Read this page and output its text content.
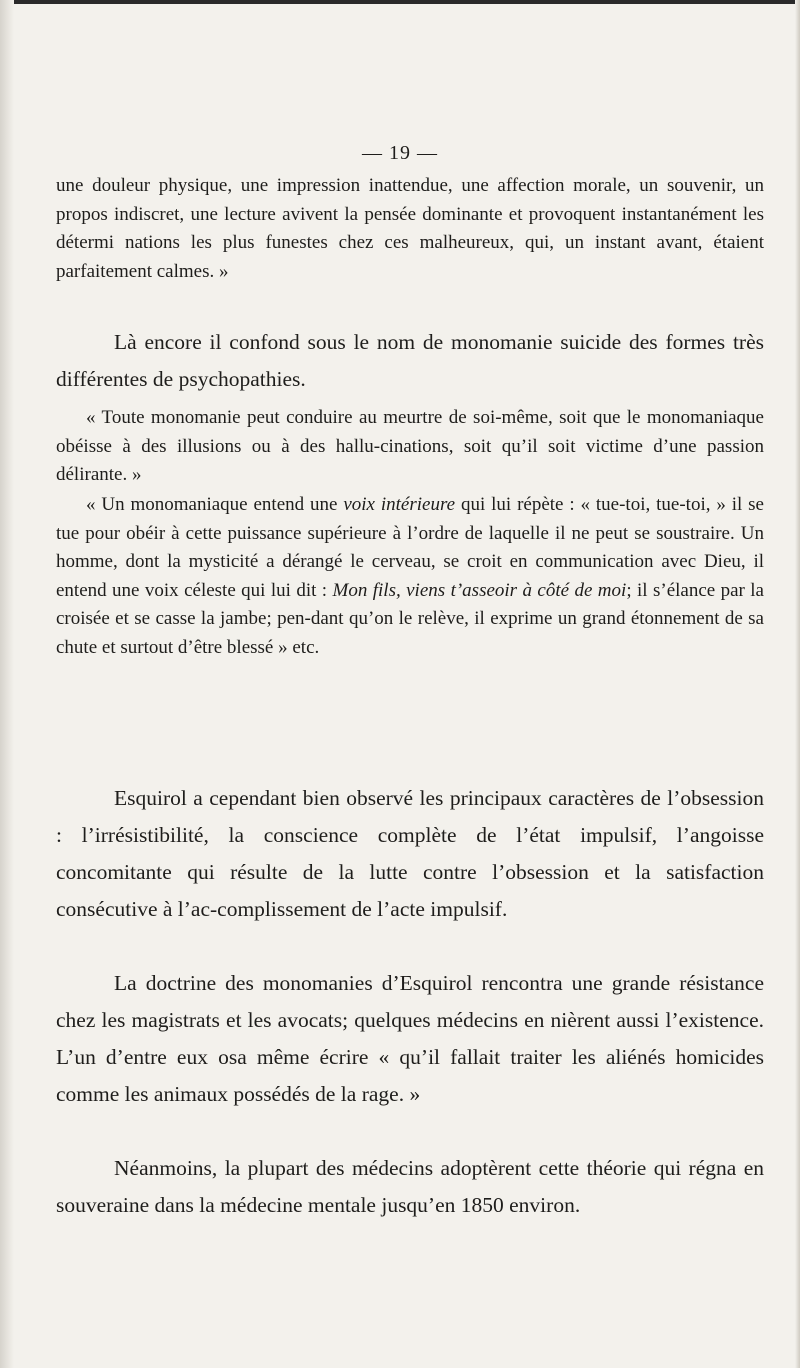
— 19 —

une douleur physique, une impression inattendue, une affection morale, un souvenir, un propos indiscret, une lecture avivent la pensée dominante et provoquent instantanément les détermi nations les plus funestes chez ces malheureux, qui, un instant avant, étaient parfaitement calmes. »

Là encore il confond sous le nom de monomanie suicide des formes très différentes de psychopathies.

« Toute monomanie peut conduire au meurtre de soi-même, soit que le monomaniaque obéisse à des illusions ou à des hallu-cinations, soit qu’il soit victime d’une passion délirante. »

« Un monomaniaque entend une voix intérieure qui lui répète : « tue-toi, tue-toi, » il se tue pour obéir à cette puissance supérieure à l’ordre de laquelle il ne peut se soustraire. Un homme, dont la mysticité a dérangé le cerveau, se croit en communication avec Dieu, il entend une voix céleste qui lui dit : Mon fils, viens t’asseoir à côté de moi; il s’élance par la croisée et se casse la jambe; pen-dant qu’on le relève, il exprime un grand étonnement de sa chute et surtout d’être blessé » etc.

Esquirol a cependant bien observé les principaux caractères de l’obsession : l’irrésistibilité, la conscience complète de l’état impulsif, l’angoisse concomitante qui résulte de la lutte contre l’obsession et la satisfaction consécutive à l’ac-complissement de l’acte impulsif.

La doctrine des monomanies d’Esquirol rencontra une grande résistance chez les magistrats et les avocats; quelques médecins en nièrent aussi l’existence. L’un d’entre eux osa même écrire « qu’il fallait traiter les aliénés homicides comme les animaux possédés de la rage. »

Néanmoins, la plupart des médecins adoptèrent cette théorie qui régna en souveraine dans la médecine mentale jusqu’en 1850 environ.
